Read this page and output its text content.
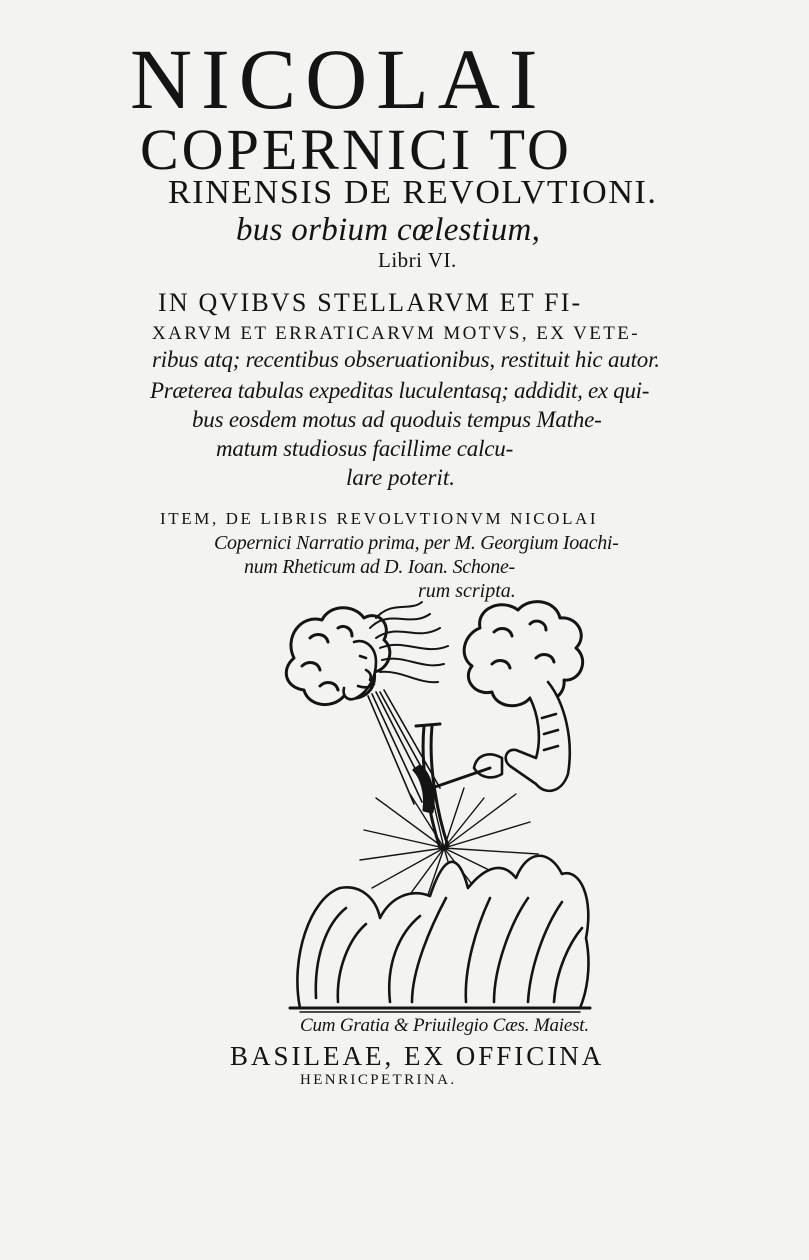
NICOLAI

COPERNICI TO

RINENSIS DE REVOLVTIONI.

bus orbium cœlestium,

Libri VI.

IN QVIBVS STELLARVM ET FI-

XARVM ET ERRATICARVM MOTVS, EX VETE-

ribus atq; recentibus obseruationibus, restituit hic autor.

Præterea tabulas expeditas luculentasq; addidit, ex qui-

bus eosdem motus ad quoduis tempus Mathe-

matum studiosus facillime calcu-

lare poterit.

ITEM, DE LIBRIS REVOLVTIONVM NICOLAI

Copernici Narratio prima, per M. Georgium Ioachi-

num Rheticum ad D. Ioan. Schone-

rum scripta.

Cum Gratia & Priuilegio Cæs. Maiest.

BASILEAE, EX OFFICINA

HENRICPETRINA.
